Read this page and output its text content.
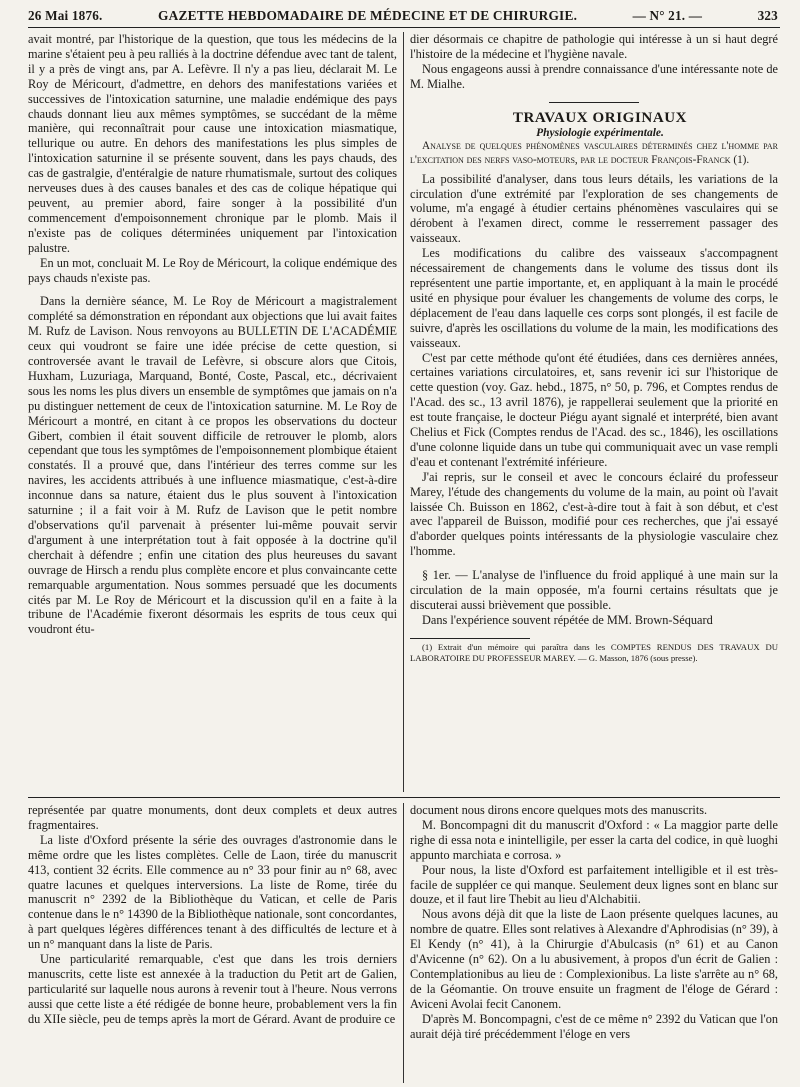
26 Mai 1876.	GAZETTE HEBDOMADAIRE DE MÉDECINE ET DE CHIRURGIE.	— N° 21. —	323

avait montré, par l'historique de la question, que tous les médecins de la marine s'étaient peu à peu ralliés à la doctrine défendue avec tant de talent, il y a près de vingt ans, par A. Lefèvre. Il n'y a pas lieu, déclarait M. Le Roy de Méricourt, d'admettre, en dehors des manifestations variées et successives de l'intoxication saturnine, une maladie endémique des pays chauds donnant lieu aux mêmes symptômes, se succédant de la même manière, qui reconnaîtrait pour cause une intoxication miasmatique, tellurique ou autre. En dehors des manifestations les plus simples de l'intoxication saturnine il se présente souvent, dans les pays chauds, des cas de gastralgie, d'entéralgie de nature rhumatismale, surtout des coliques nerveuses dues à des causes banales et des cas de colique hépatique qui peuvent, au premier abord, faire songer à la possibilité d'un commencement d'empoisonnement chronique par le plomb. Mais il n'existe pas de coliques déterminées uniquement par l'intoxication palustre.

En un mot, concluait M. Le Roy de Méricourt, la colique endémique des pays chauds n'existe pas.

Dans la dernière séance, M. Le Roy de Méricourt a magistralement complété sa démonstration en répondant aux objections que lui avait faites M. Rufz de Lavison. Nous renvoyons au BULLETIN DE L'ACADÉMIE ceux qui voudront se faire une idée précise de cette question, si controversée avant le travail de Lefèvre, si obscure alors que Citois, Huxham, Luzuriaga, Marquand, Bonté, Coste, Pascal, etc., décrivaient sous les noms les plus divers un ensemble de symptômes que jamais on n'a pu distinguer nettement de ceux de l'intoxication saturnine. M. Le Roy de Méricourt a montré, en citant à ce propos les observations du docteur Gibert, combien il était souvent difficile de retrouver le plomb, alors cependant que tous les symptômes de l'empoisonnement plombique étaient constatés. Il a prouvé que, dans l'intérieur des terres comme sur les navires, les accidents attribués à une influence miasmatique, c'est-à-dire inconnue dans sa nature, étaient dus le plus souvent à l'intoxication saturnine ; il a fait voir à M. Rufz de Lavison que le petit nombre d'observations qu'il parvenait à présenter lui-même pouvait servir d'argument à une interprétation tout à fait opposée à la doctrine qu'il cherchait à défendre ; enfin une citation des plus heureuses du savant ouvrage de Hirsch a rendu plus complète encore et plus convaincante cette remarquable argumentation. Nous sommes persuadé que les documents cités par M. Le Roy de Méricourt et la discussion qu'il en a faite à la tribune de l'Académie fixeront désormais les esprits de tous ceux qui voudront étu-

dier désormais ce chapitre de pathologie qui intéresse à un si haut degré l'histoire de la médecine et l'hygiène navale.

Nous engageons aussi à prendre connaissance d'une intéressante note de M. Mialhe.

TRAVAUX ORIGINAUX

Physiologie expérimentale.

Analyse de quelques phénomènes vasculaires déterminés chez l'homme par l'excitation des nerfs vaso-moteurs, par le docteur François-Franck (1).

La possibilité d'analyser, dans tous leurs détails, les variations de la circulation d'une extrémité par l'exploration de ses changements de volume, m'a engagé à étudier certains phénomènes vasculaires qui se dérobent à l'examen direct, comme le resserrement passager des vaisseaux.

Les modifications du calibre des vaisseaux s'accompagnent nécessairement de changements dans le volume des tissus dont ils représentent une partie importante, et, en appliquant à la main le procédé usité en physique pour évaluer les changements de volume des corps, le déplacement de l'eau dans laquelle ces corps sont plongés, il est facile de suivre, d'après les oscillations du volume de la main, les modifications des vaisseaux.

C'est par cette méthode qu'ont été étudiées, dans ces dernières années, certaines variations circulatoires, et, sans revenir ici sur l'historique de cette question (voy. Gaz. hebd., 1875, n° 50, p. 796, et Comptes rendus de l'Acad. des sc., 13 avril 1876), je rappellerai seulement que la priorité en est toute française, le docteur Piégu ayant signalé et interprété, bien avant Chelius et Fick (Comptes rendus de l'Acad. des sc., 1846), les oscillations d'une colonne liquide dans un tube qui communiquait avec un vase rempli d'eau et contenant l'extrémité inférieure.

J'ai repris, sur le conseil et avec le concours éclairé du professeur Marey, l'étude des changements du volume de la main, au point où l'avait laissée Ch. Buisson en 1862, c'est-à-dire tout à fait à son début, et c'est avec l'appareil de Buisson, modifié pour ces recherches, que j'ai essayé d'aborder quelques points intéressants de la physiologie vasculaire chez l'homme.

§ 1er. — L'analyse de l'influence du froid appliqué à une main sur la circulation de la main opposée, m'a fourni certains résultats que je discuterai aussi brièvement que possible.

Dans l'expérience souvent répétée de MM. Brown-Séquard

(1) Extrait d'un mémoire qui paraîtra dans les COMPTES RENDUS DES TRAVAUX DU LABORATOIRE DU PROFESSEUR MAREY. — G. Masson, 1876 (sous presse).

représentée par quatre monuments, dont deux complets et deux autres fragmentaires.

La liste d'Oxford présente la série des ouvrages d'astronomie dans le même ordre que les listes complètes. Celle de Laon, tirée du manuscrit 413, contient 32 écrits. Elle commence au n° 33 pour finir au n° 68, avec quatre lacunes et quelques interversions. La liste de Rome, tirée du manuscrit n° 2392 de la Bibliothèque du Vatican, et celle de Paris contenue dans le n° 14390 de la Bibliothèque nationale, sont concordantes, à part quelques légères différences tenant à des difficultés de lecture et à un n° manquant dans la liste de Paris.

Une particularité remarquable, c'est que dans les trois derniers manuscrits, cette liste est annexée à la traduction du Petit art de Galien, particularité sur laquelle nous aurons à revenir tout à l'heure. Nous verrons aussi que cette liste a été rédigée de bonne heure, probablement vers la fin du XIIe siècle, peu de temps après la mort de Gérard. Avant de produire ce

document nous dirons encore quelques mots des manuscrits.

M. Boncompagni dit du manuscrit d'Oxford : « La maggior parte delle righe di essa nota e inintelligile, per esser la carta del codice, in què luoghi appunto marchiata e corrosa. »

Pour nous, la liste d'Oxford est parfaitement intelligible et il est très-facile de suppléer ce qui manque. Seulement deux lignes sont en blanc sur douze, et il faut lire Thebit au lieu d'Alchabitii.

Nous avons déjà dit que la liste de Laon présente quelques lacunes, au nombre de quatre. Elles sont relatives à Alexandre d'Aphrodisias (n° 39), à El Kendy (n° 41), à la Chirurgie d'Abulcasis (n° 61) et au Canon d'Avicenne (n° 62). On a lu abusivement, à propos d'un écrit de Galien : Contemplationibus au lieu de : Complexionibus. La liste s'arrête au n° 68, de la Géomantie. On trouve ensuite un fragment de l'éloge de Gérard : Aviceni Avolai fecit Canonem.

D'après M. Boncompagni, c'est de ce même n° 2392 du Vatican que l'on aurait déjà tiré précédemment l'éloge en vers
